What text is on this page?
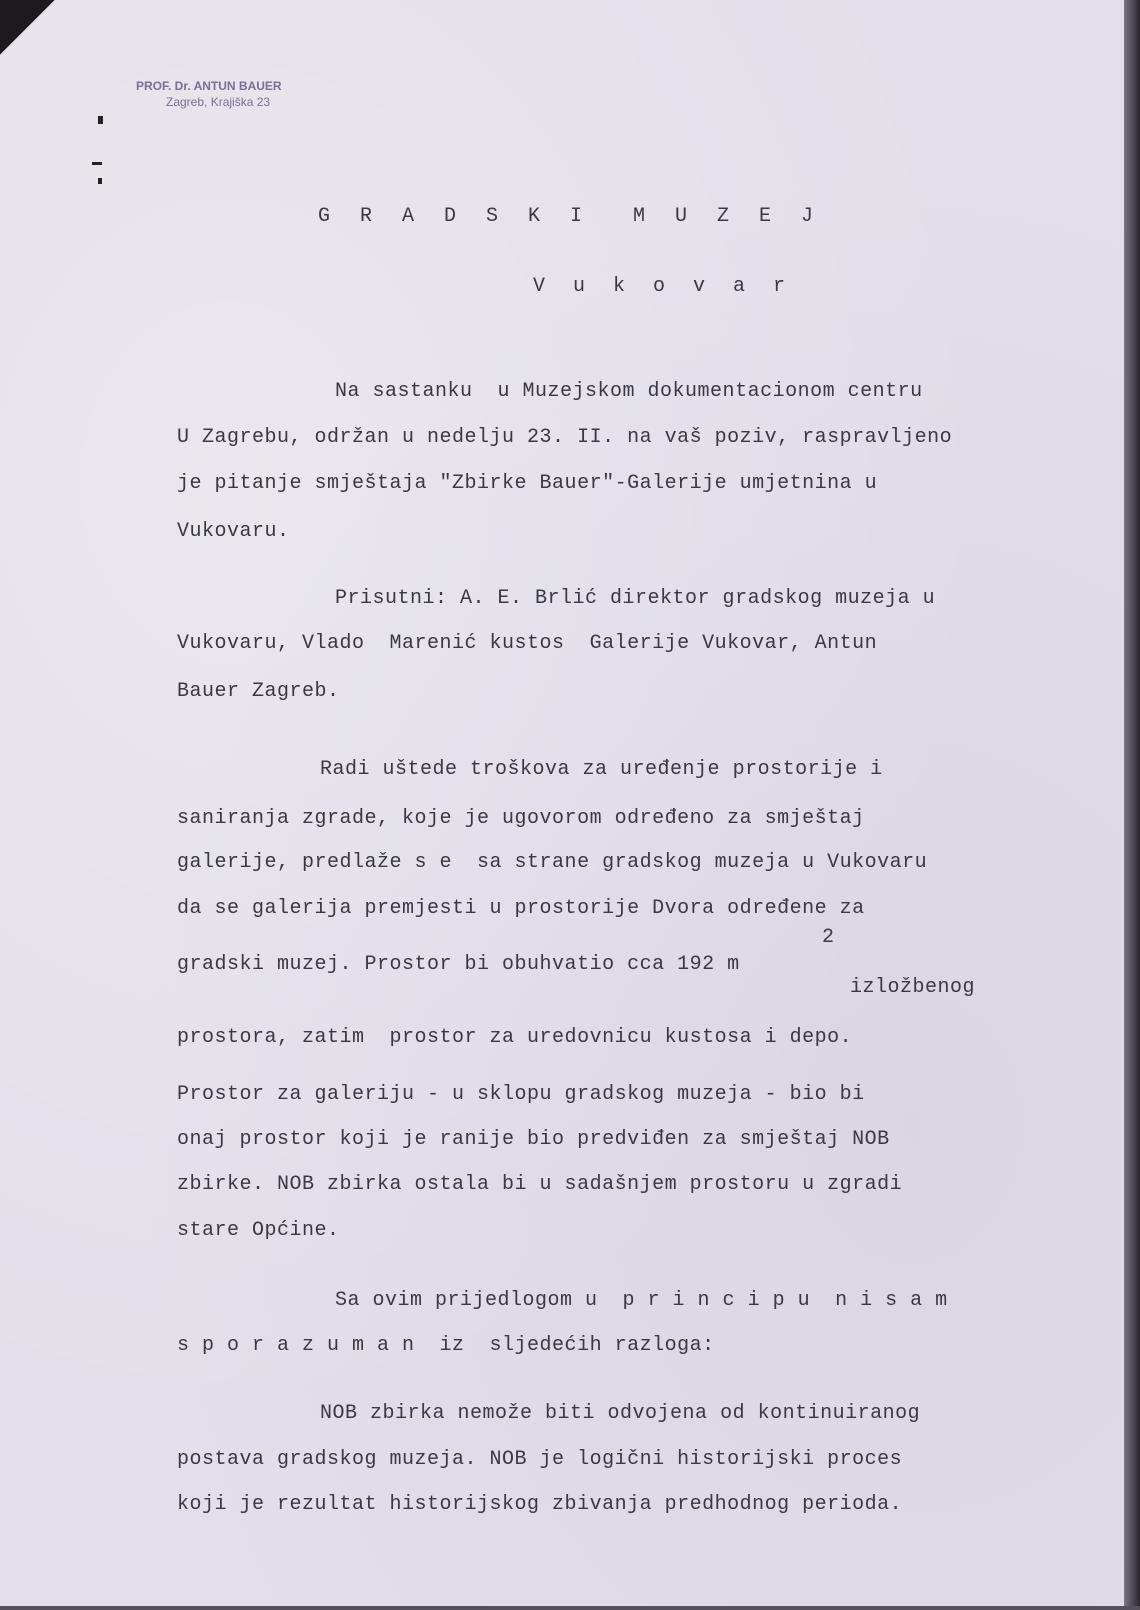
PROF. Dr. ANTUN BAUER
Zagreb, Krajiška 23
G R A D S K I  M U Z E J
V u k o v a r
Na sastanku  u Muzejskom dokumentacionom centru
U Zagrebu, održan u nedelju 23. II. na vaš poziv, raspravljeno
je pitanje smještaja "Zbirke Bauer"-Galerije umjetnina u
Vukovaru.
Prisutni: A. E. Brlić direktor gradskog muzeja u
Vukovaru, Vlado  Marenić kustos  Galerije Vukovar, Antun
Bauer Zagreb.
Radi uštede troškova za uređenje prostorije i
saniranja zgrade, koje je ugovorom određeno za smještaj
galerije, predlaže s e  sa strane gradskog muzeja u Vukovaru
da se galerija premjesti u prostorije Dvora određene za
gradski muzej. Prostor bi obuhvatio cca 192 m
2
izložbenog
prostora, zatim  prostor za uredovnicu kustosa i depo.
Prostor za galeriju - u sklopu gradskog muzeja - bio bi
onaj prostor koji je ranije bio predviđen za smještaj NOB
zbirke. NOB zbirka ostala bi u sadašnjem prostoru u zgradi
stare Općine.
Sa ovim prijedlogom u  p r i n c i p u  n i s a m
s p o r a z u m a n  iz  sljedećih razloga:
NOB zbirka nemože biti odvojena od kontinuiranog
postava gradskog muzeja. NOB je logični historijski proces
koji je rezultat historijskog zbivanja predhodnog perioda.
